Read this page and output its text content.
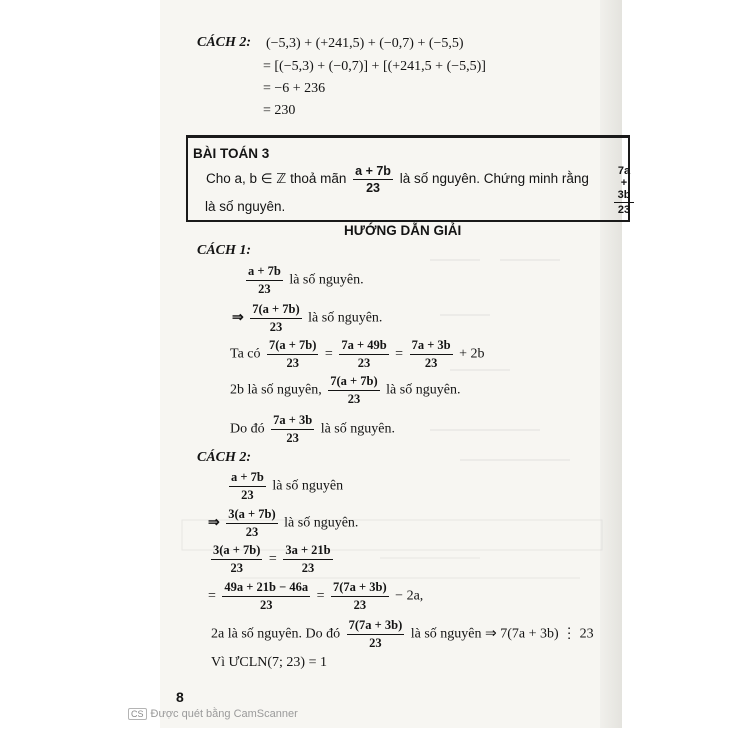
CÁCH 2: (−5,3) + (+241,5) + (−0,7) + (−5,5)
= [(−5,3) + (−0,7)] + [(+241,5 + (−5,5)]
= −6 + 236
= 230
BÀI TOÁN 3
Cho a, b ∈ ℤ thoả mãn $\frac{a + 7b}{23}$ là số nguyên. Chứng minh rằng $\frac{7a + 3b}{23}$
là số nguyên.
HƯỚNG DẪN GIẢI
CÁCH 1:
$\frac{a + 7b}{23}$ là số nguyên.
⇒ $\frac{7(a + 7b)}{23}$ là số nguyên.
Ta có $\frac{7(a + 7b)}{23} = \frac{7a + 49b}{23} = \frac{7a + 3b}{23} + 2b$
2b là số nguyên, $\frac{7(a + 7b)}{23}$ là số nguyên.
Do đó $\frac{7a + 3b}{23}$ là số nguyên.
CÁCH 2:
$\frac{a + 7b}{23}$ là số nguyên
⇒ $\frac{3(a + 7b)}{23}$ là số nguyên.
$\frac{3(a + 7b)}{23} = \frac{3a + 21b}{23}$
= $\frac{49a + 21b - 46a}{23} = \frac{7(7a + 3b)}{23} - 2a$,
2a là số nguyên. Do đó $\frac{7(7a + 3b)}{23}$ là số nguyên ⇒ 7(7a + 3b) ⋮ 23
Vì ƯCLN(7; 23) = 1
8
CS Được quét bằng CamScanner
